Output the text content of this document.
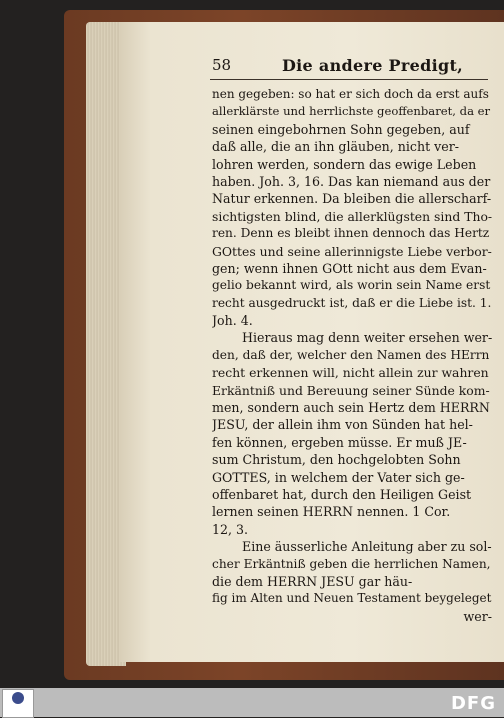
58	Die andere Predigt,
nen gegeben: so hat er sich doch da erst aufs
allerklärste und herrlichste geoffenbaret, da er
seinen eingebohrnen Sohn gegeben, auf
daß alle, die an ihn gläuben, nicht ver-
lohren werden, sondern das ewige Leben
haben. Joh. 3, 16. Das kan niemand aus der
Natur erkennen. Da bleiben die allerscharf-
sichtigsten blind, die allerklügsten sind Tho-
ren. Denn es bleibt ihnen dennoch das Hertz
GOttes und seine allerinnigste Liebe verbor-
gen; wenn ihnen GOtt nicht aus dem Evan-
gelio bekannt wird, als worin sein Name erst
recht ausgedruckt ist, daß er die Liebe ist. 1.
Joh. 4.
Hieraus mag denn weiter ersehen wer-
den, daß der, welcher den Namen des HErrn
recht erkennen will, nicht allein zur wahren
Erkäntniß und Bereuung seiner Sünde kom-
men, sondern auch sein Hertz dem HERRN
JESU, der allein ihm von Sünden hat hel-
fen können, ergeben müsse. Er muß JE-
sum Christum, den hochgelobten Sohn
GOTTES, in welchem der Vater sich ge-
offenbaret hat, durch den Heiligen Geist
lernen seinen HERRN nennen. 1 Cor.
12, 3.
Eine äusserliche Anleitung aber zu sol-
cher Erkäntniß geben die herrlichen Namen,
die dem HERRN JESU gar häu-
fig im Alten und Neuen Testament beygeleget
wer-
DFG
